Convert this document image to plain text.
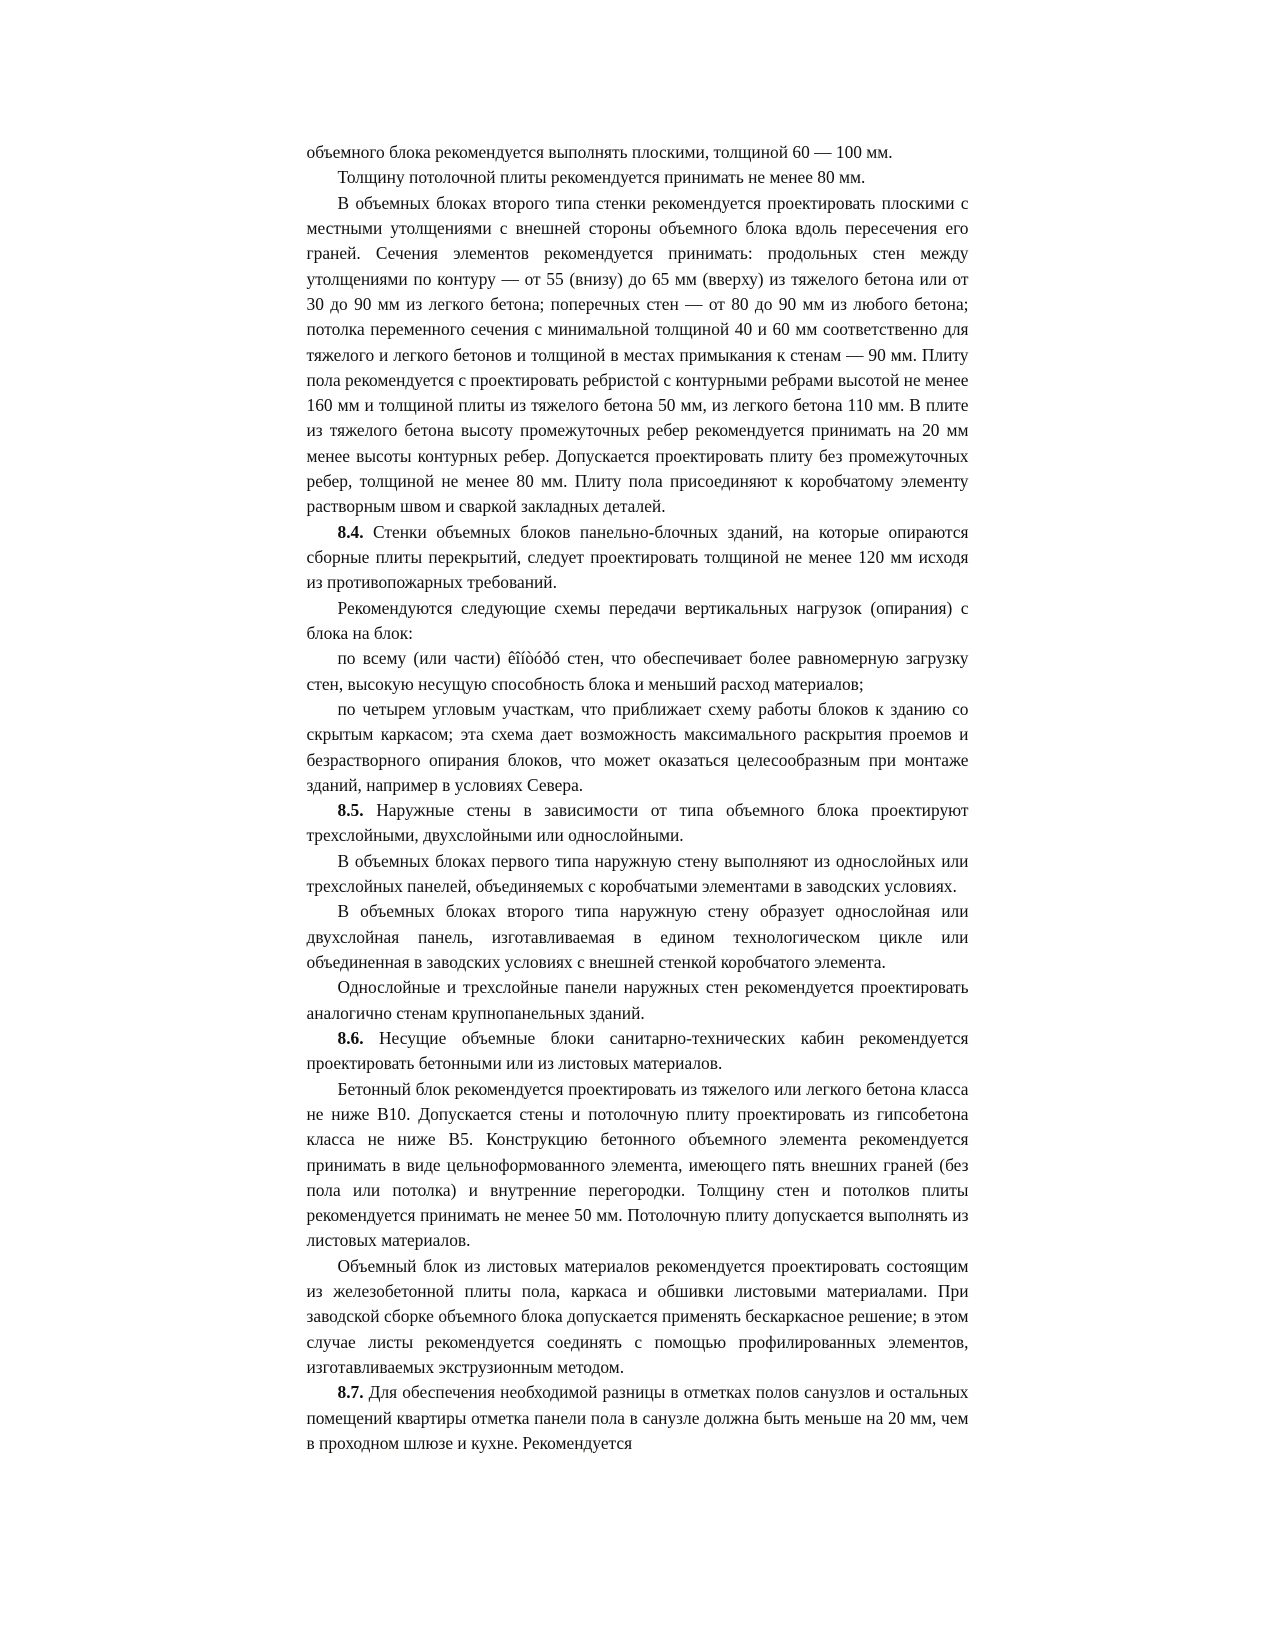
объемного блока рекомендуется выполнять плоскими, толщиной 60 — 100 мм.

Толщину потолочной плиты рекомендуется принимать не менее 80 мм.

В объемных блоках второго типа стенки рекомендуется проектировать плоскими с местными утолщениями с внешней стороны объемного блока вдоль пересечения его граней. Сечения элементов рекомендуется принимать: продольных стен между утолщениями по контуру — от 55 (внизу) до 65 мм (вверху) из тяжелого бетона или от 30 до 90 мм из легкого бетона; поперечных стен — от 80 до 90 мм из любого бетона; потолка переменного сечения с минимальной толщиной 40 и 60 мм соответственно для тяжелого и легкого бетонов и толщиной в местах примыкания к стенам — 90 мм. Плиту пола рекомендуется с проектировать ребристой с контурными ребрами высотой не менее 160 мм и толщиной плиты из тяжелого бетона 50 мм, из легкого бетона 110 мм. В плите из тяжелого бетона высоту промежуточных ребер рекомендуется принимать на 20 мм менее высоты контурных ребер. Допускается проектировать плиту без промежуточных ребер, толщиной не менее 80 мм. Плиту пола присоединяют к коробчатому элементу растворным швом и сваркой закладных деталей.

8.4. Стенки объемных блоков панельно-блочных зданий, на которые опираются сборные плиты перекрытий, следует проектировать толщиной не менее 120 мм исходя из противопожарных требований.

Рекомендуются следующие схемы передачи вертикальных нагрузок (опирания) с блока на блок:

по всему (или части) êîíòóðó стен, что обеспечивает более равномерную загрузку стен, высокую несущую способность блока и меньший расход материалов;

по четырем угловым участкам, что приближает схему работы блоков к зданию со скрытым каркасом; эта схема дает возможность максимального раскрытия проемов и безрастворного опирания блоков, что может оказаться целесообразным при монтаже зданий, например в условиях Севера.

8.5. Наружные стены в зависимости от типа объемного блока проектируют трехслойными, двухслойными или однослойными.

В объемных блоках первого типа наружную стену выполняют из однослойных или трехслойных панелей, объединяемых с коробчатыми элементами в заводских условиях.

В объемных блоках второго типа наружную стену образует однослойная или двухслойная панель, изготавливаемая в едином технологическом цикле или объединенная в заводских условиях с внешней стенкой коробчатого элемента.

Однослойные и трехслойные панели наружных стен рекомендуется проектировать аналогично стенам крупнопанельных зданий.

8.6. Несущие объемные блоки санитарно-технических кабин рекомендуется проектировать бетонными или из листовых материалов.

Бетонный блок рекомендуется проектировать из тяжелого или легкого бетона класса не ниже В10. Допускается стены и потолочную плиту проектировать из гипсобетона класса не ниже В5. Конструкцию бетонного объемного элемента рекомендуется принимать в виде цельноформованного элемента, имеющего пять внешних граней (без пола или потолка) и внутренние перегородки. Толщину стен и потолков плиты рекомендуется принимать не менее 50 мм. Потолочную плиту допускается выполнять из листовых материалов.

Объемный блок из листовых материалов рекомендуется проектировать состоящим из железобетонной плиты пола, каркаса и обшивки листовыми материалами. При заводской сборке объемного блока допускается применять бескаркасное решение; в этом случае листы рекомендуется соединять с помощью профилированных элементов, изготавливаемых экструзионным методом.

8.7. Для обеспечения необходимой разницы в отметках полов санузлов и остальных помещений квартиры отметка панели пола в санузле должна быть меньше на 20 мм, чем в проходном шлюзе и кухне. Рекомендуется
